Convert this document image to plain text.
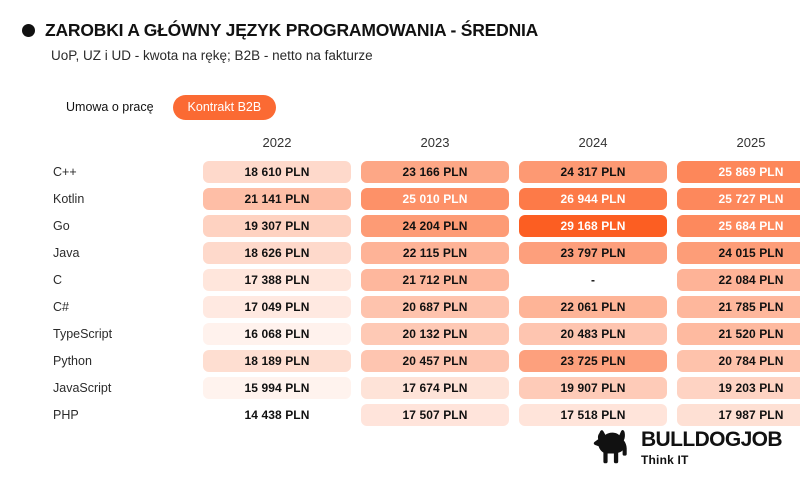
ZAROBKI A GŁÓWNY JĘZYK PROGRAMOWANIA - ŚREDNIA
UoP, UZ i UD - kwota na rękę; B2B - netto na fakturze
Umowa o pracę	Kontrakt B2B
2022	2023	2024	2025
C++	18 610 PLN	23 166 PLN	24 317 PLN	25 869 PLN
Kotlin	21 141 PLN	25 010 PLN	26 944 PLN	25 727 PLN
Go	19 307 PLN	24 204 PLN	29 168 PLN	25 684 PLN
Java	18 626 PLN	22 115 PLN	23 797 PLN	24 015 PLN
C	17 388 PLN	21 712 PLN	-	22 084 PLN
C#	17 049 PLN	20 687 PLN	22 061 PLN	21 785 PLN
TypeScript	16 068 PLN	20 132 PLN	20 483 PLN	21 520 PLN
Python	18 189 PLN	20 457 PLN	23 725 PLN	20 784 PLN
JavaScript	15 994 PLN	17 674 PLN	19 907 PLN	19 203 PLN
PHP	14 438 PLN	17 507 PLN	17 518 PLN	17 987 PLN
BULLDOGJOB
Think IT
